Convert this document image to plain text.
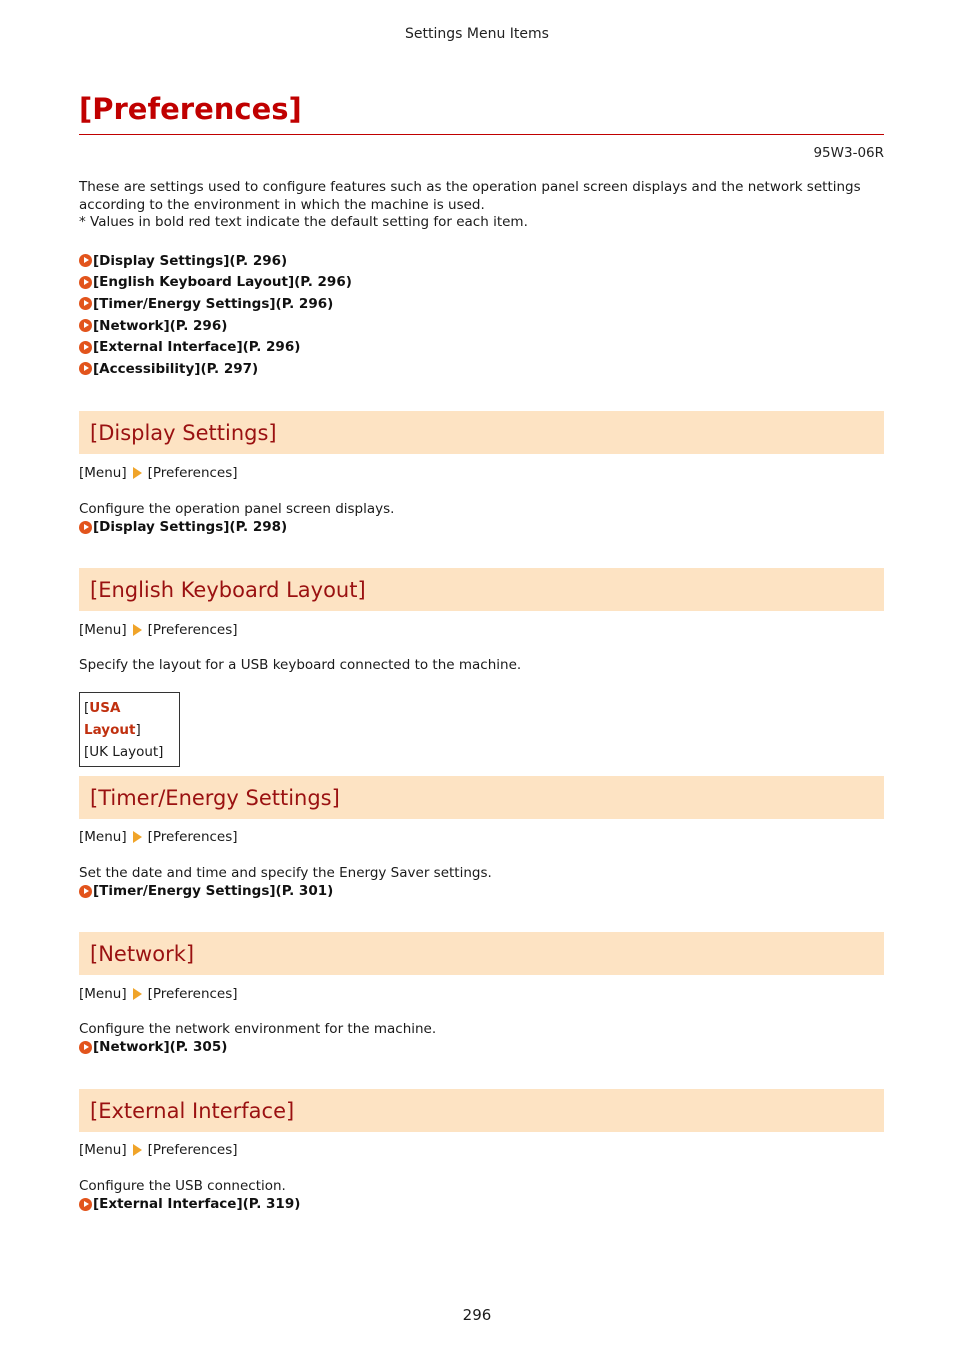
Settings Menu Items
[Preferences]
95W3-06R

These are settings used to configure features such as the operation panel screen displays and the network settings
according to the environment in which the machine is used.
* Values in bold red text indicate the default setting for each item.

[Display Settings](P. 296)
[English Keyboard Layout](P. 296)
[Timer/Energy Settings](P. 296)
[Network](P. 296)
[External Interface](P. 296)
[Accessibility](P. 297)
[Display Settings]
[Menu] [Preferences]

Configure the operation panel screen displays.

[Display Settings](P. 298)

[English Keyboard Layout]
[Menu] [Preferences]

Specify the layout for a USB keyboard connected to the machine.

[USA Layout]
[UK Layout]
[Timer/Energy Settings]
[Menu] [Preferences]

Set the date and time and specify the Energy Saver settings.

[Timer/Energy Settings](P. 301)

[Network]
[Menu] [Preferences]

Configure the network environment for the machine.

[Network](P. 305)

[External Interface]
[Menu] [Preferences]

Configure the USB connection.

[External Interface](P. 319)

296
